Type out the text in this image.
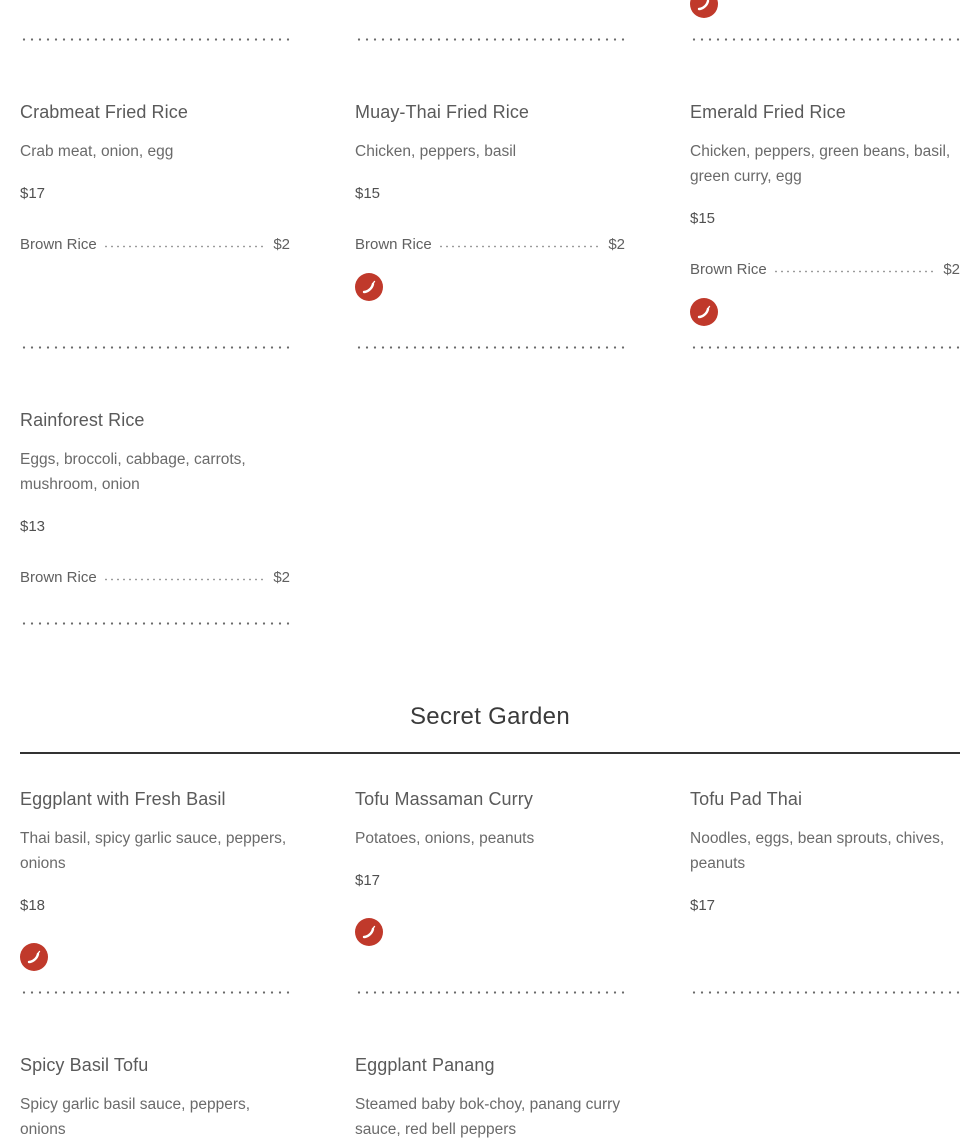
Crabmeat Fried Rice
Crab meat, onion, egg
$17
Brown Rice	$2
Muay-Thai Fried Rice
Chicken, peppers, basil
$15
Brown Rice	$2
Emerald Fried Rice
Chicken, peppers, green beans, basil, green curry, egg
$15
Brown Rice	$2
Rainforest Rice
Eggs, broccoli, cabbage, carrots, mushroom, onion
$13
Brown Rice	$2
Secret Garden
Eggplant with Fresh Basil
Thai basil, spicy garlic sauce, peppers, onions
$18
Tofu Massaman Curry
Potatoes, onions, peanuts
$17
Tofu Pad Thai
Noodles, eggs, bean sprouts, chives, peanuts
$17
Spicy Basil Tofu
Spicy garlic basil sauce, peppers, onions
Eggplant Panang
Steamed baby bok-choy, panang curry sauce, red bell peppers
